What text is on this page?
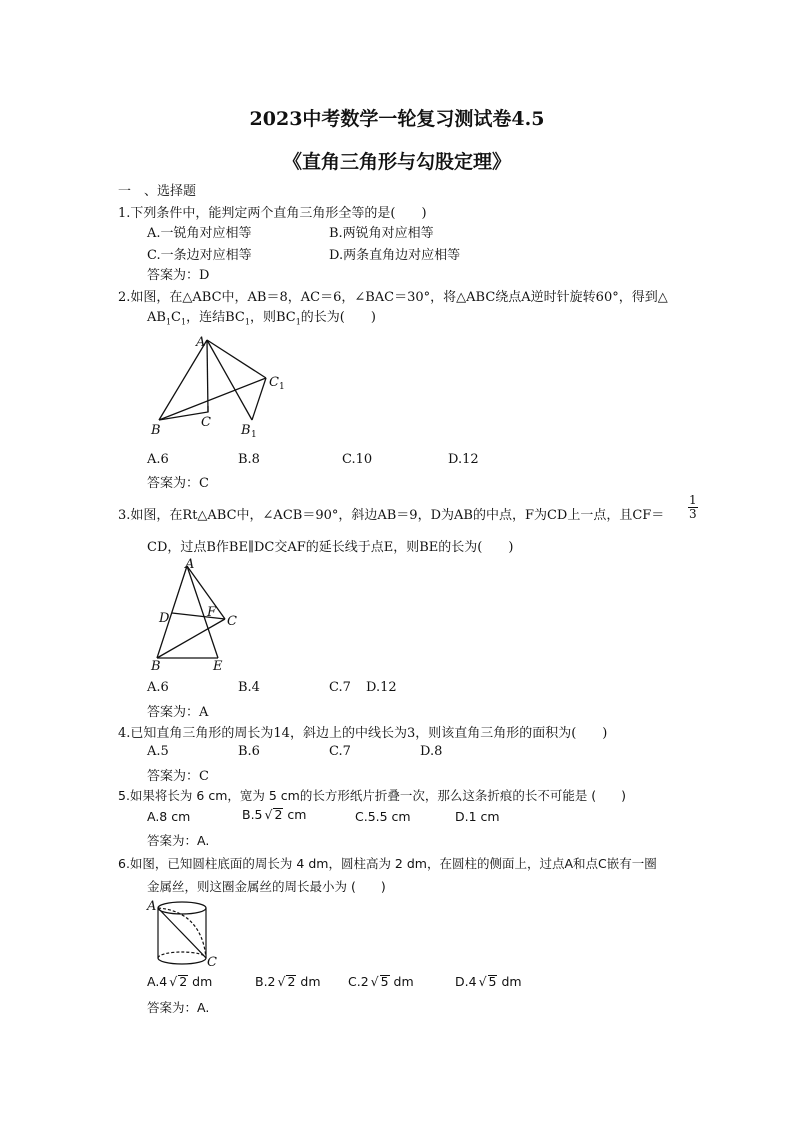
2023中考数学一轮复习测试卷4.5
《直角三角形与勾股定理》
一　、选择题
1.下列条件中，能判定两个直角三角形全等的是(　　)
A.一锐角对应相等	B.两锐角对应相等
C.一条边对应相等	D.两条直角边对应相等
答案为：D
2.如图，在△ABC中，AB＝8，AC＝6，∠BAC＝30°，将△ABC绕点A逆时针旋转60°，得到△
$AB_1C_1$，连结$BC_1$，则$BC_1$的长为(　　)
A
B
C
C 1
B 1
A.6	B.8	C.10	D.12
答案为：C
3.如图，在Rt△ABC中，∠ACB＝90°，斜边AB＝9，D为AB的中点，F为CD上一点，且$CF= \frac{1}{3}$
CD，过点B作BE∥DC交AF的延长线于点E，则BE的长为(　　)
A
D	F
C
B	E
A.6	B.4	C.7 D.12
答案为：A
4.已知直角三角形的周长为14，斜边上的中线长为3，则该直角三角形的面积为(　　)
A.5	B.6	C.7	D.8
答案为：C
5.如果将长为 6 cm，宽为 5 cm的长方形纸片折叠一次，那么这条折痕的长不可能是 (　　)
A.8 cm	B.5 √ 2 cm	C.5.5 cm	D.1 cm
答案为：A.
6.如图，已知圆柱底面的周长为 4 dm，圆柱高为 2 dm，在圆柱的侧面上，过点A和点C嵌有一圈
金属丝，则这圈金属丝的周长最小为 (　　)
A
C
A.4 √ 2 dm	B.2 √ 2 dm C.2 √ 5 dm	D.4 √ 5 dm
答案为：A.
